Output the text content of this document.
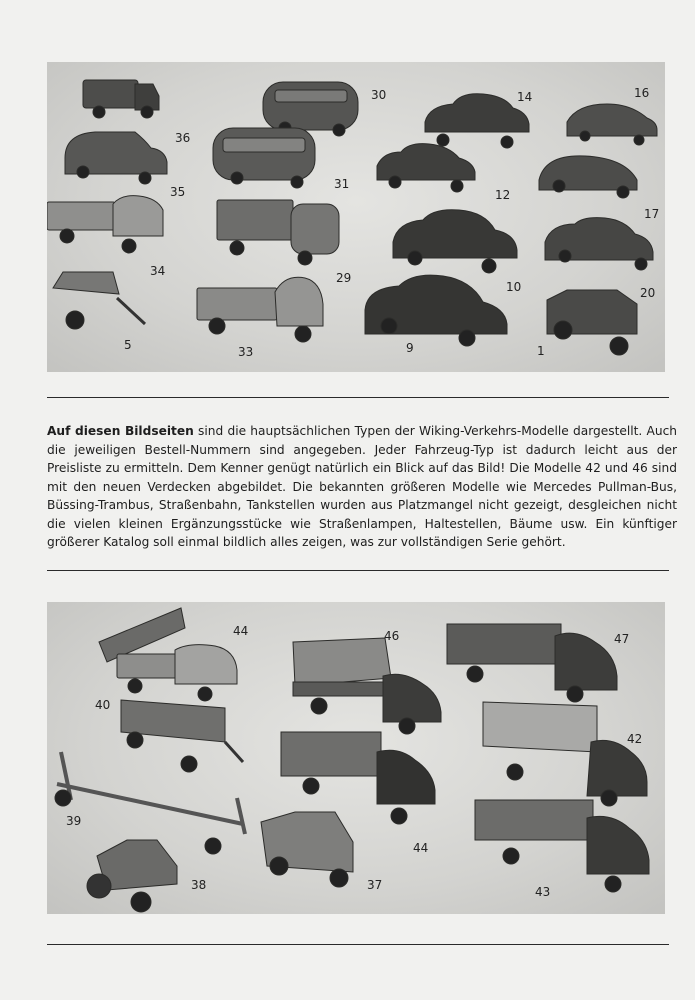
36
30	14	16
35
31
12
17
34	29
10	20
5	33	9	1
Auf diesen Bildseiten sind die hauptsächlichen Typen der Wiking-Verkehrs-Modelle dargestellt. Auch die jeweiligen Bestell-Nummern sind angegeben. Jeder Fahrzeug-Typ ist dadurch leicht aus der Preisliste zu ermitteln. Dem Kenner genügt natürlich ein Blick auf das Bild! Die Modelle 42 und 46 sind mit den neuen Verdecken abgebildet. Die bekannten größeren Modelle wie Mercedes Pullman-Bus, Büssing-Trambus, Straßenbahn, Tankstellen wurden aus Platzmangel nicht gezeigt, desgleichen nicht die vielen kleinen Ergänzungsstücke wie Straßenlampen, Haltestellen, Bäume usw. Ein künftiger größerer Katalog soll einmal bildlich alles zeigen, was zur vollständigen Serie gehört.
44	46	47
40
42
39
44
38	37	43
